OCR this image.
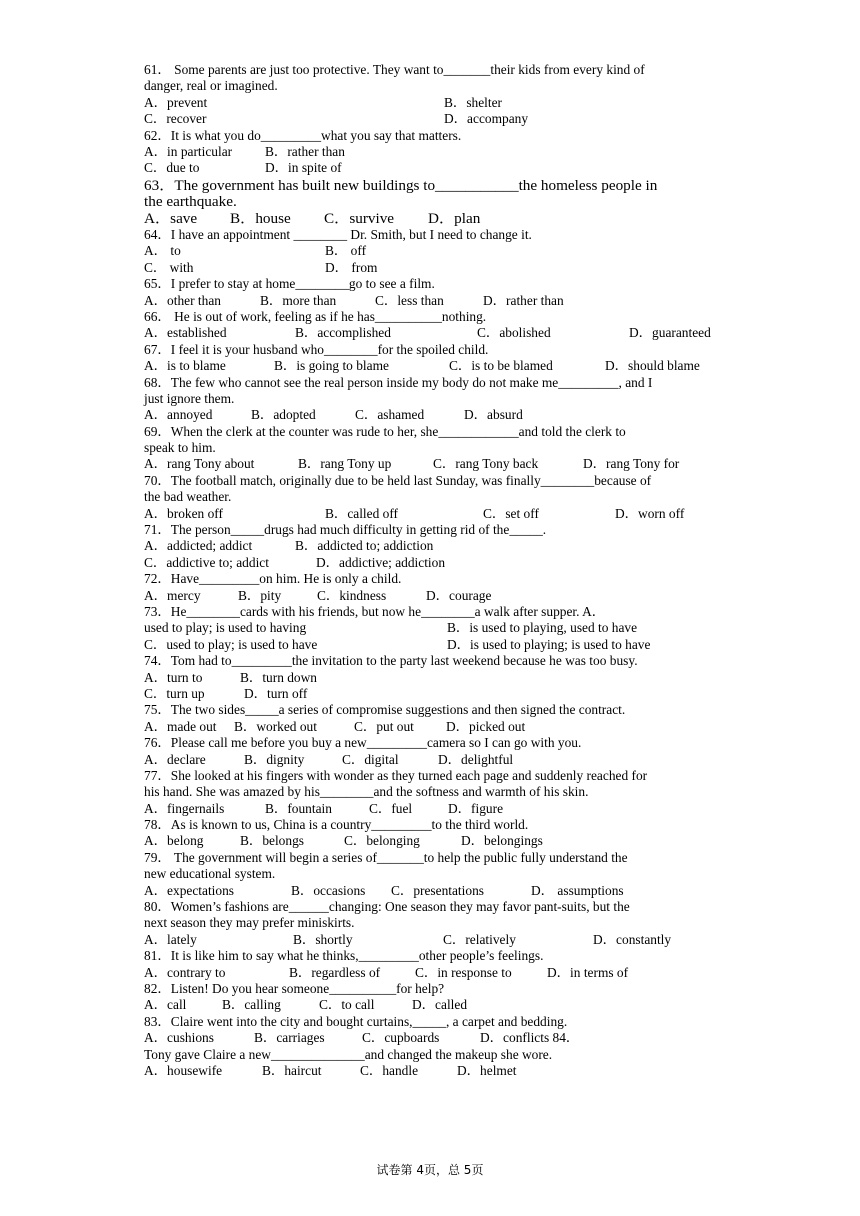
61． Some parents are just too protective. They want to_______their kids from every kind of
danger, real or imagined.
A．prevent	B．shelter
C．recover	D．accompany
62．It is what you do_________what you say that matters.
A．in particular	B．rather than
C．due to	D．in spite of
63．The government has built new buildings to___________the homeless people in
the earthquake.
A．save	B．house	C．survive	D．plan
64．I have an appointment ________ Dr. Smith, but I need to change it.
A． to	B． off
C． with	D． from
65．I prefer to stay at home________go to see a film.
A．other than	B．more than	C．less than	D．rather than
66． He is out of work, feeling as if he has__________nothing.
A．established	B．accomplished	C．abolished	D．guaranteed
67．I feel it is your husband who________for the spoiled child.
A．is to blame	B．is going to blame	C．is to be blamed	D．should blame
68．The few who cannot see the real person inside my body do not make me_________, and I
just ignore them.
A．annoyed	B．adopted	C．ashamed	D．absurd
69．When the clerk at the counter was rude to her, she____________and told the clerk to
speak to him.
A．rang Tony about	B．rang Tony up	C．rang Tony back	D．rang Tony for
70．The football match, originally due to be held last Sunday, was finally________because of
the bad weather.
A．broken off	B．called off	C．set off	D．worn off
71．The person_____drugs had much difficulty in getting rid of the_____.
A．addicted; addict	B．addicted to; addiction
C．addictive to; addict	D．addictive; addiction
72．Have_________on him. He is only a child.
A．mercy	B．pity	C．kindness	D．courage
73．He________cards with his friends, but now he________a walk after supper. A．
used to play; is used to having	B．is used to playing, used to have
C．used to play; is used to have	D．is used to playing; is used to have
74．Tom had to_________the invitation to the party last weekend because he was too busy.
A．turn to	B．turn down
C．turn up	D．turn off
75．The two sides_____a series of compromise suggestions and then signed the contract.
A．made out	B．worked out	C．put out	D．picked out
76．Please call me before you buy a new_________camera so I can go with you.
A．declare	B．dignity	C．digital	D．delightful
77．She looked at his fingers with wonder as they turned each page and suddenly reached for
his hand. She was amazed by his________and the softness and warmth of his skin.
A．fingernails	B．fountain	C．fuel	D．figure
78．As is known to us, China is a country_________to the third world.
A．belong	B．belongs	C．belonging	D．belongings
79． The government will begin a series of_______to help the public fully understand the
new educational system.
A．expectations	B．occasions	C．presentations	D． assumptions
80．Women’s fashions are______changing: One season they may favor pant-suits, but the
next season they may prefer miniskirts.
A．lately	B．shortly	C．relatively	D．constantly
81．It is like him to say what he thinks,_________other people’s feelings.
A．contrary to	B．regardless of	C．in response to	D．in terms of
82．Listen! Do you hear someone__________for help?
A．call	B．calling	C．to call	D．called
83．Claire went into the city and bought curtains,_____, a carpet and bedding.
A．cushions	B．carriages	C．cupboards	D．conflicts 84．
Tony gave Claire a new______________and changed the makeup she wore.
A．housewife	B．haircut	C．handle	D．helmet
试卷第 4页，总 5页
